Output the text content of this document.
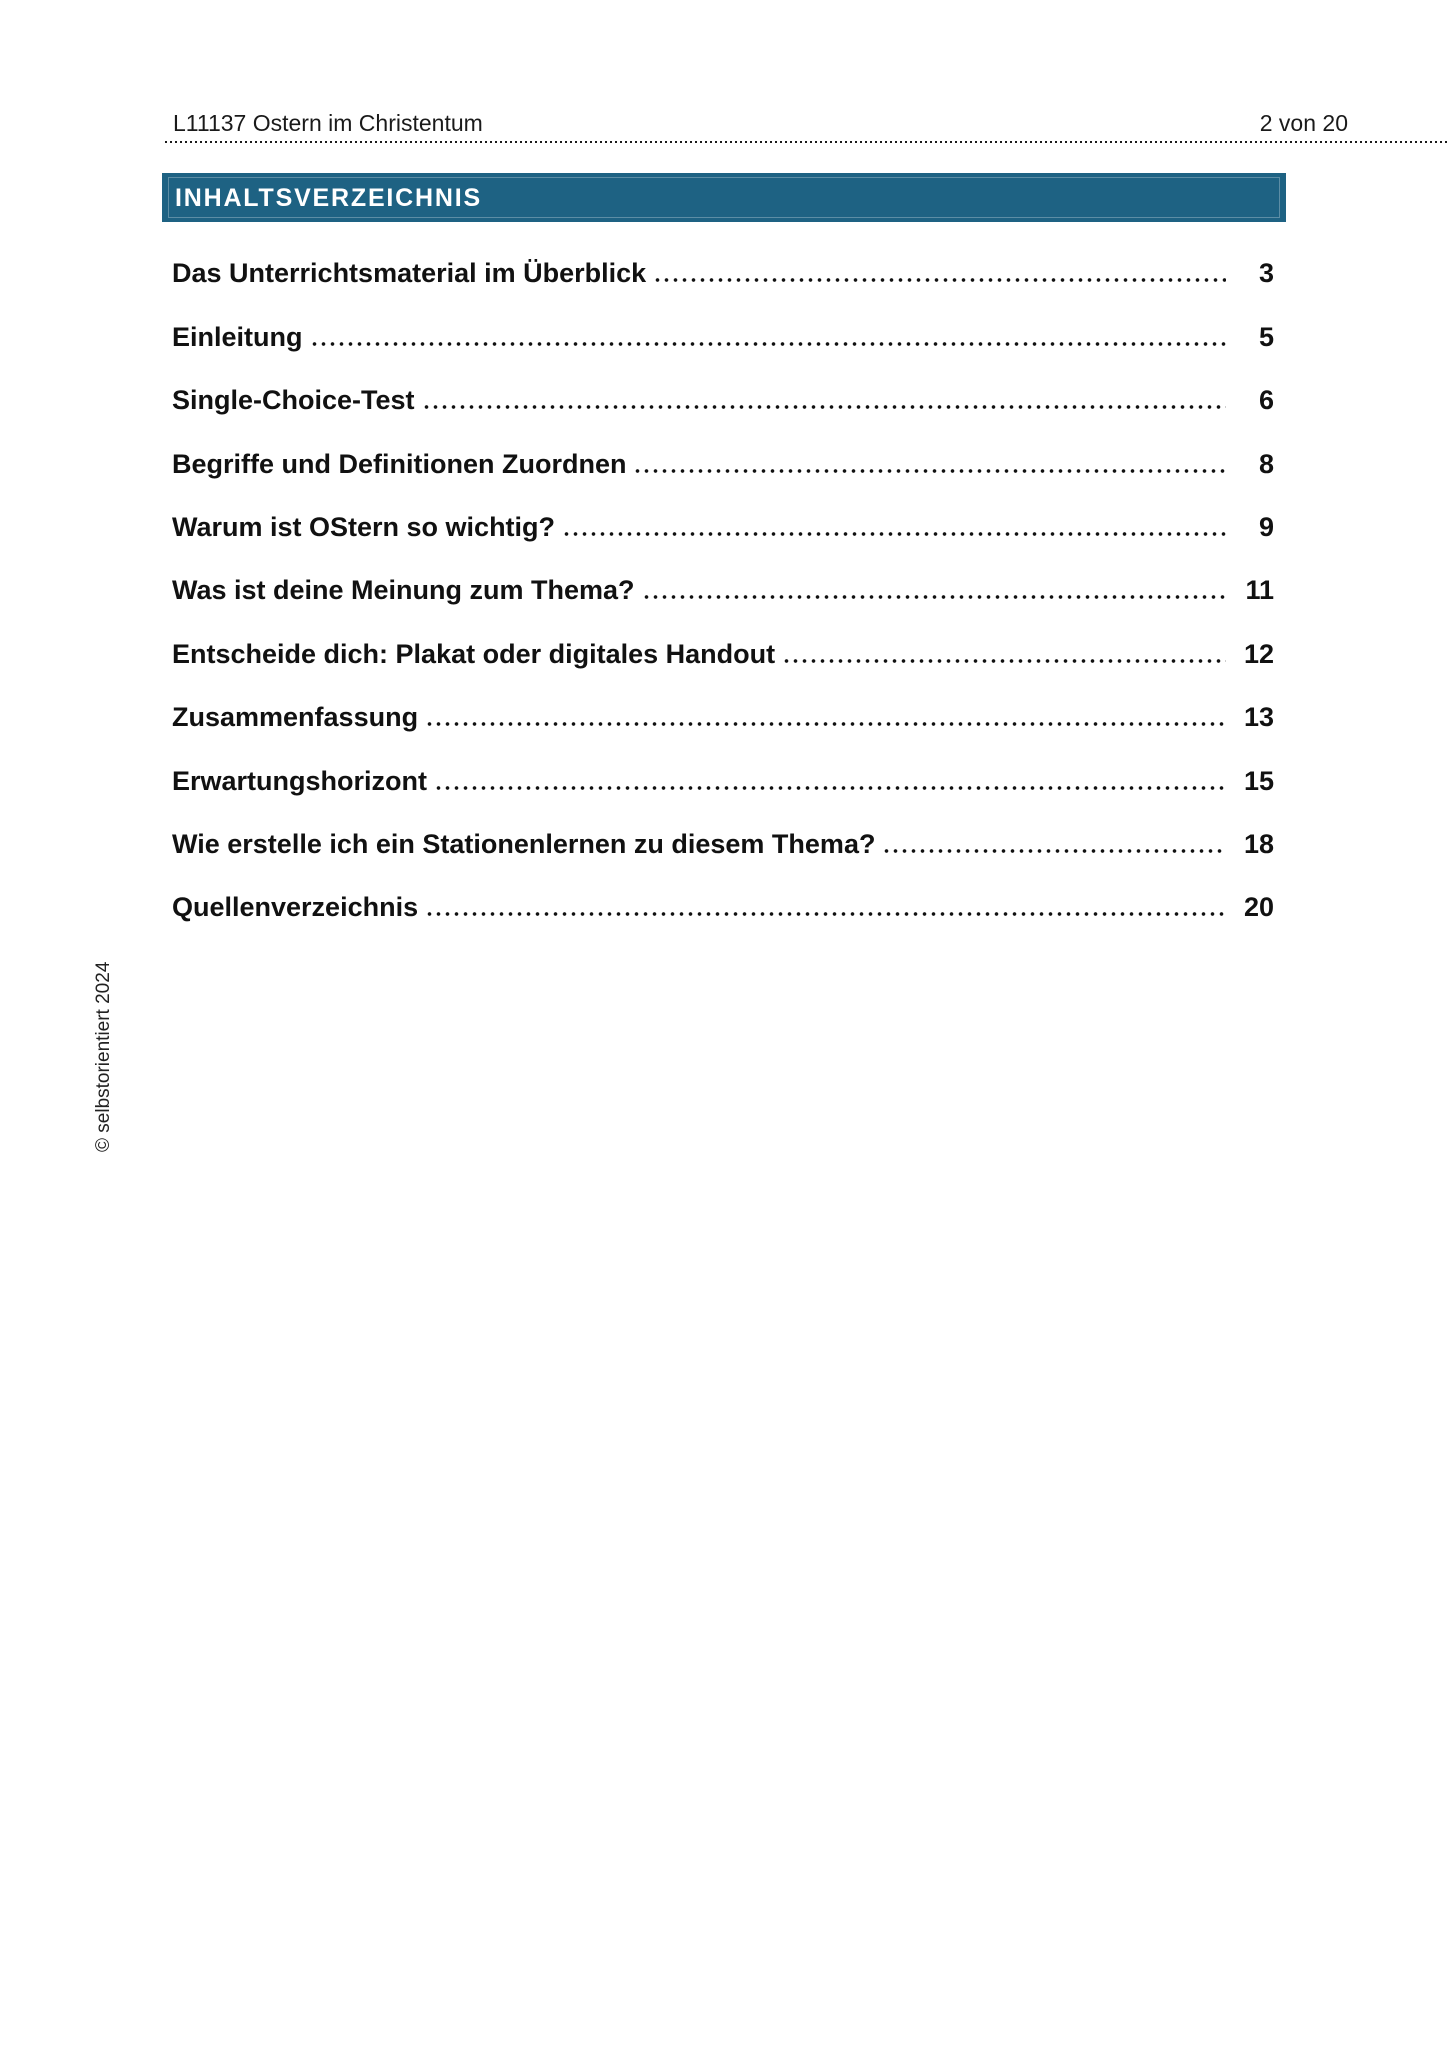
L11137 Ostern im Christentum	2 von 20
INHALTSVERZEICHNIS
Das Unterrichtsmaterial im Überblick	3
Einleitung	5
Single-Choice-Test	6
Begriffe und Definitionen Zuordnen	8
Warum ist OStern so wichtig?	9
Was ist deine Meinung zum Thema?	11
Entscheide dich: Plakat oder digitales Handout	12
Zusammenfassung	13
Erwartungshorizont	15
Wie erstelle ich ein Stationenlernen zu diesem Thema?	18
Quellenverzeichnis	20
© selbstorientiert 2024
